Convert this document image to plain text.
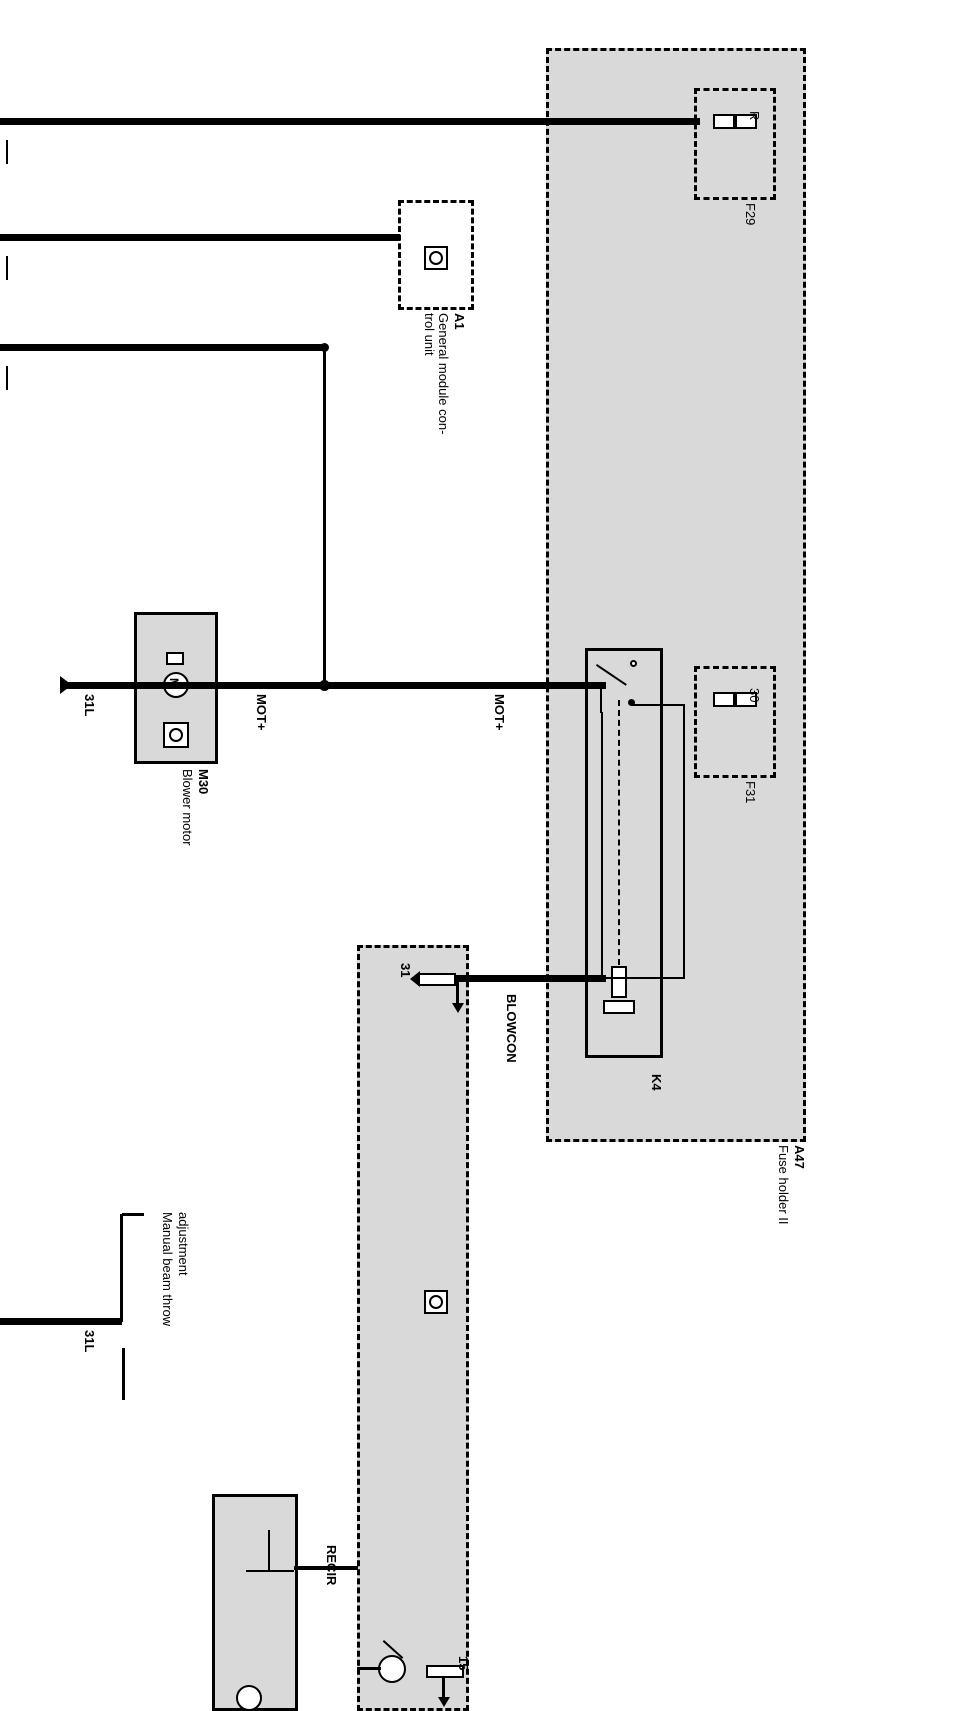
A47
Fuse holder II
R
F29
30
F31
K4
A1
General module con-
trol unit
M30
Blower motor
31
15
31L	MOT+	MOT+
BLOWCON
31L
Manual beam throw adjustment
